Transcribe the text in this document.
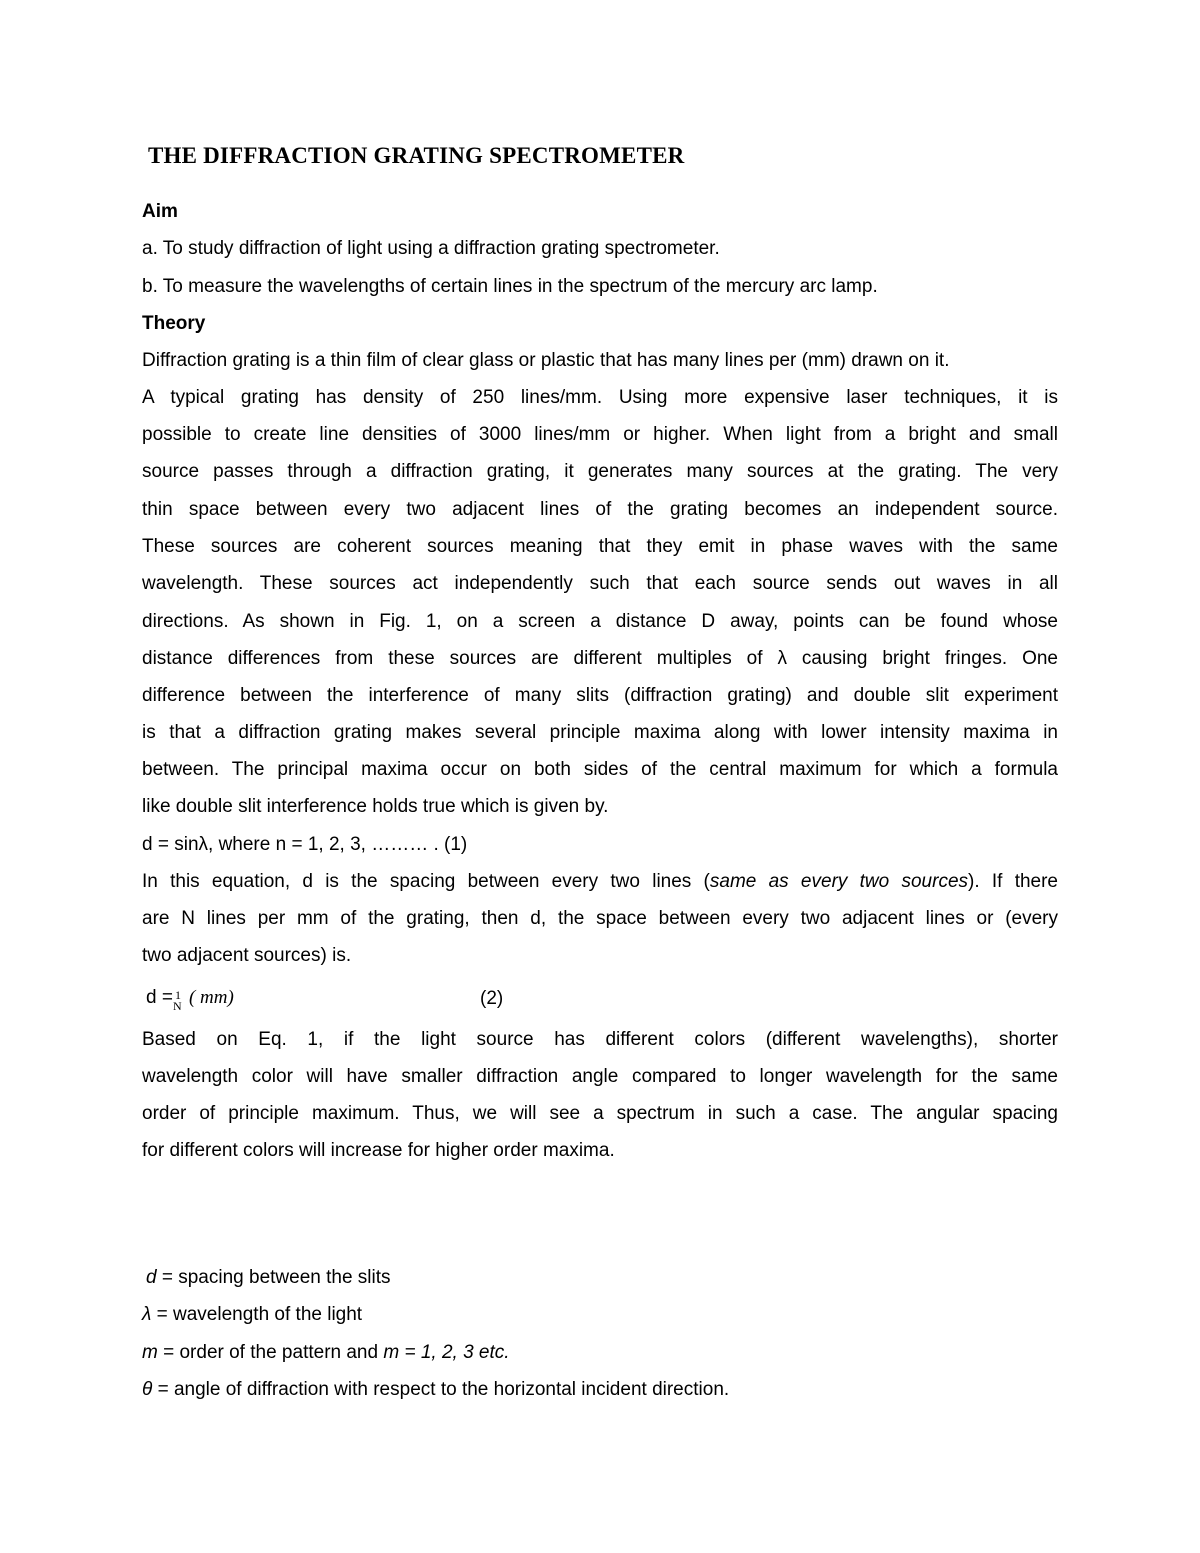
THE DIFFRACTION GRATING SPECTROMETER
Aim
a. To study diffraction of light using a diffraction grating spectrometer.
b. To measure the wavelengths of certain lines in the spectrum of the mercury arc lamp.
Theory
Diffraction grating is a thin film of clear glass or plastic that has many lines per (mm) drawn on it.
A typical grating has density of 250 lines/mm. Using more expensive laser techniques, it is
possible to create line densities of 3000 lines/mm or higher. When light from a bright and small
source passes through a diffraction grating, it generates many sources at the grating. The very
thin space between every two adjacent lines of the grating becomes an independent source.
These sources are coherent sources meaning that they emit in phase waves with the same
wavelength. These sources act independently such that each source sends out waves in all
directions. As shown in Fig. 1, on a screen a distance D away, points can be found whose
distance differences from these sources are different multiples of λ causing bright fringes. One
difference between the interference of many slits (diffraction grating) and double slit experiment
is that a diffraction grating makes several principle maxima along with lower intensity maxima in
between. The principal maxima occur on both sides of the central maximum for which a formula
like double slit interference holds true which is given by.
d = sinλ, where n = 1, 2, 3, ……… . (1)
In this equation, d is the spacing between every two lines (same as every two sources). If there
are N lines per mm of the grating, then d, the space between every two adjacent lines or (every
two adjacent sources) is.
d = 1
N ( mm)	(2)
Based on Eq. 1, if the light source has different colors (different wavelengths), shorter
wavelength color will have smaller diffraction angle compared to longer wavelength for the same
order of principle maximum. Thus, we will see a spectrum in such a case. The angular spacing
for different colors will increase for higher order maxima.
d = spacing between the slits
λ = wavelength of the light
m = order of the pattern and m = 1, 2, 3 etc.
θ = angle of diffraction with respect to the horizontal incident direction.
